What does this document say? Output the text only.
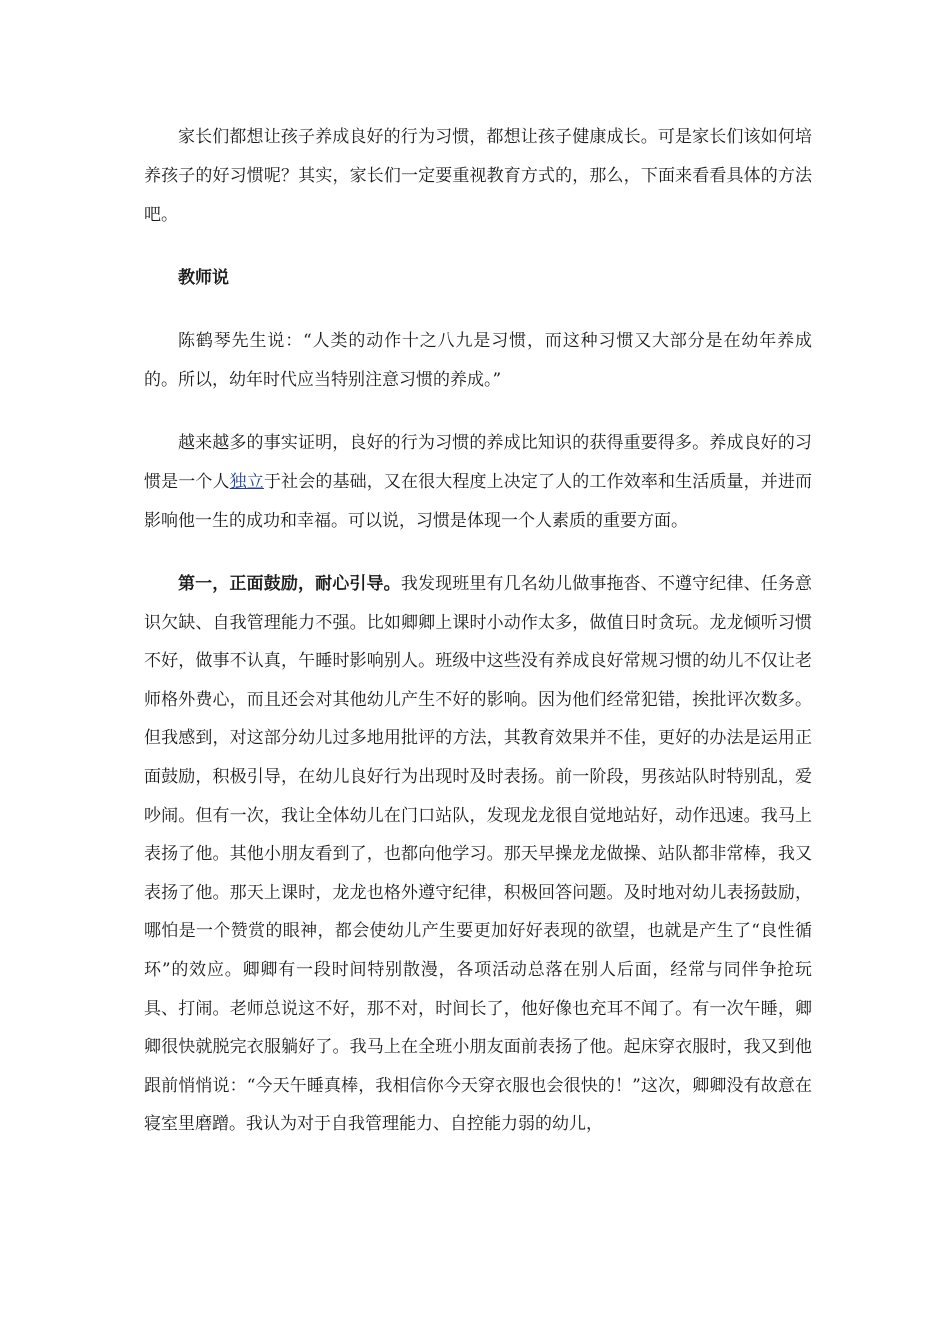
家长们都想让孩子养成良好的行为习惯，都想让孩子健康成长。可是家长们该如何培养孩子的好习惯呢？其实，家长们一定要重视教育方式的，那么，下面来看看具体的方法吧。

教师说

陈鹤琴先生说：“人类的动作十之八九是习惯，而这种习惯又大部分是在幼年养成的。所以，幼年时代应当特别注意习惯的养成。”

越来越多的事实证明，良好的行为习惯的养成比知识的获得重要得多。养成良好的习惯是一个人独立于社会的基础，又在很大程度上决定了人的工作效率和生活质量，并进而影响他一生的成功和幸福。可以说，习惯是体现一个人素质的重要方面。

第一，正面鼓励，耐心引导。我发现班里有几名幼儿做事拖沓、不遵守纪律、任务意识欠缺、自我管理能力不强。比如卿卿上课时小动作太多，做值日时贪玩。龙龙倾听习惯不好，做事不认真，午睡时影响别人。班级中这些没有养成良好常规习惯的幼儿不仅让老师格外费心，而且还会对其他幼儿产生不好的影响。因为他们经常犯错，挨批评次数多。但我感到，对这部分幼儿过多地用批评的方法，其教育效果并不佳，更好的办法是运用正面鼓励，积极引导，在幼儿良好行为出现时及时表扬。前一阶段，男孩站队时特别乱，爱吵闹。但有一次，我让全体幼儿在门口站队，发现龙龙很自觉地站好，动作迅速。我马上表扬了他。其他小朋友看到了，也都向他学习。那天早操龙龙做操、站队都非常棒，我又表扬了他。那天上课时，龙龙也格外遵守纪律，积极回答问题。及时地对幼儿表扬鼓励，哪怕是一个赞赏的眼神，都会使幼儿产生要更加好好表现的欲望，也就是产生了“良性循环”的效应。卿卿有一段时间特别散漫，各项活动总落在别人后面，经常与同伴争抢玩具、打闹。老师总说这不好，那不对，时间长了，他好像也充耳不闻了。有一次午睡，卿卿很快就脱完衣服躺好了。我马上在全班小朋友面前表扬了他。起床穿衣服时，我又到他跟前悄悄说：“今天午睡真棒，我相信你今天穿衣服也会很快的！”这次，卿卿没有故意在寝室里磨蹭。我认为对于自我管理能力、自控能力弱的幼儿，
